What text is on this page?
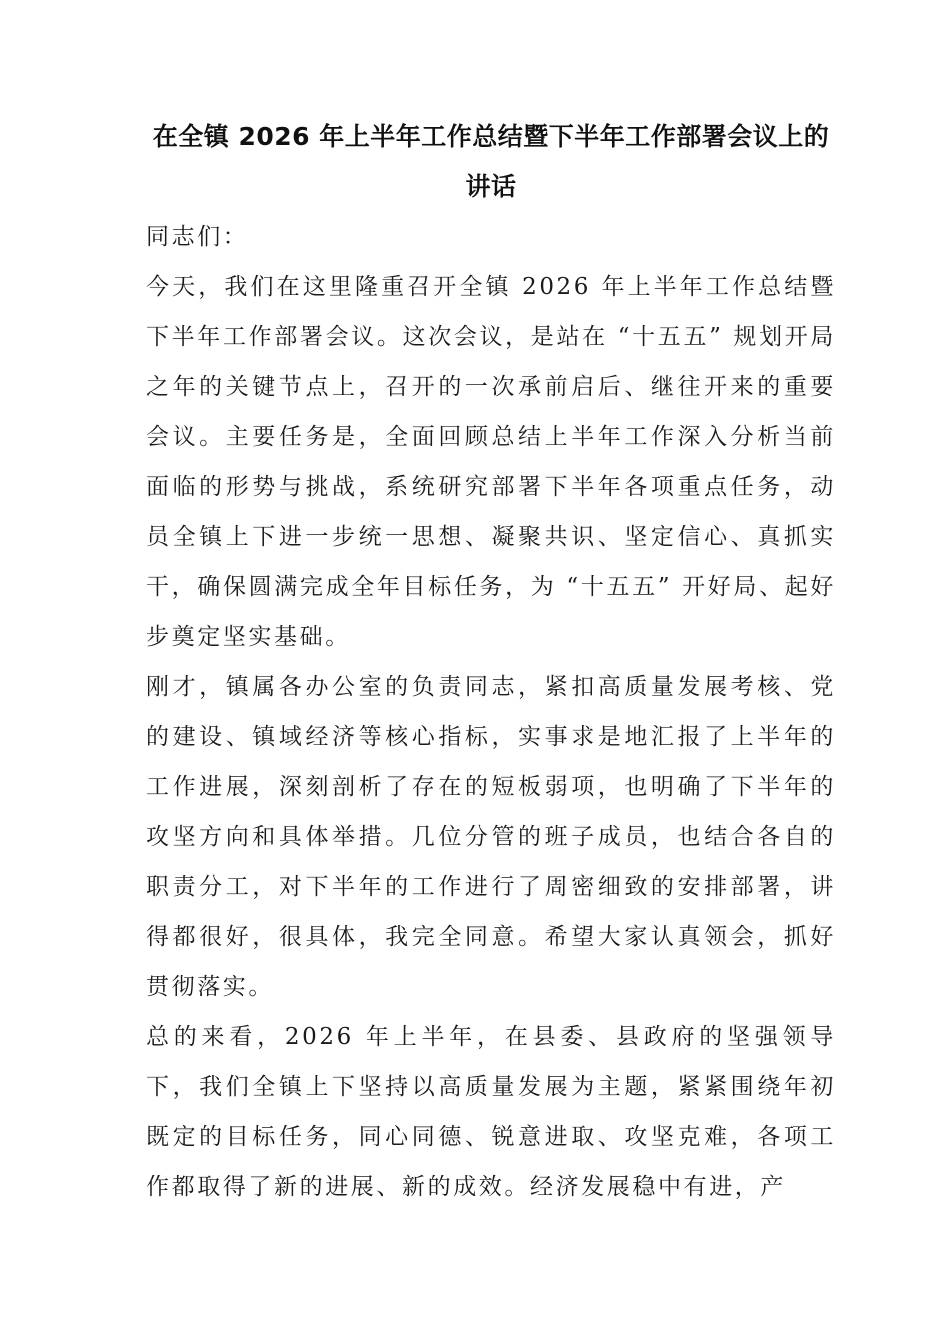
在全镇 2026 年上半年工作总结暨下半年工作部署会议上的讲话

同志们：

今天，我们在这里隆重召开全镇 2026 年上半年工作总结暨下半年工作部署会议。这次会议，是站在 “十五五” 规划开局之年的关键节点上，召开的一次承前启后、继往开来的重要会议。主要任务是，全面回顾总结上半年工作深入分析当前面临的形势与挑战，系统研究部署下半年各项重点任务，动员全镇上下进一步统一思想、凝聚共识、坚定信心、真抓实干，确保圆满完成全年目标任务，为 “十五五” 开好局、起好步奠定坚实基础。

刚才，镇属各办公室的负责同志，紧扣高质量发展考核、党的建设、镇域经济等核心指标，实事求是地汇报了上半年的工作进展，深刻剖析了存在的短板弱项，也明确了下半年的攻坚方向和具体举措。几位分管的班子成员，也结合各自的职责分工，对下半年的工作进行了周密细致的安排部署，讲得都很好，很具体，我完全同意。希望大家认真领会，抓好贯彻落实。

总的来看，2026 年上半年，在县委、县政府的坚强领导下，我们全镇上下坚持以高质量发展为主题，紧紧围绕年初既定的目标任务，同心同德、锐意进取、攻坚克难，各项工作都取得了新的进展、新的成效。经济发展稳中有进，产
